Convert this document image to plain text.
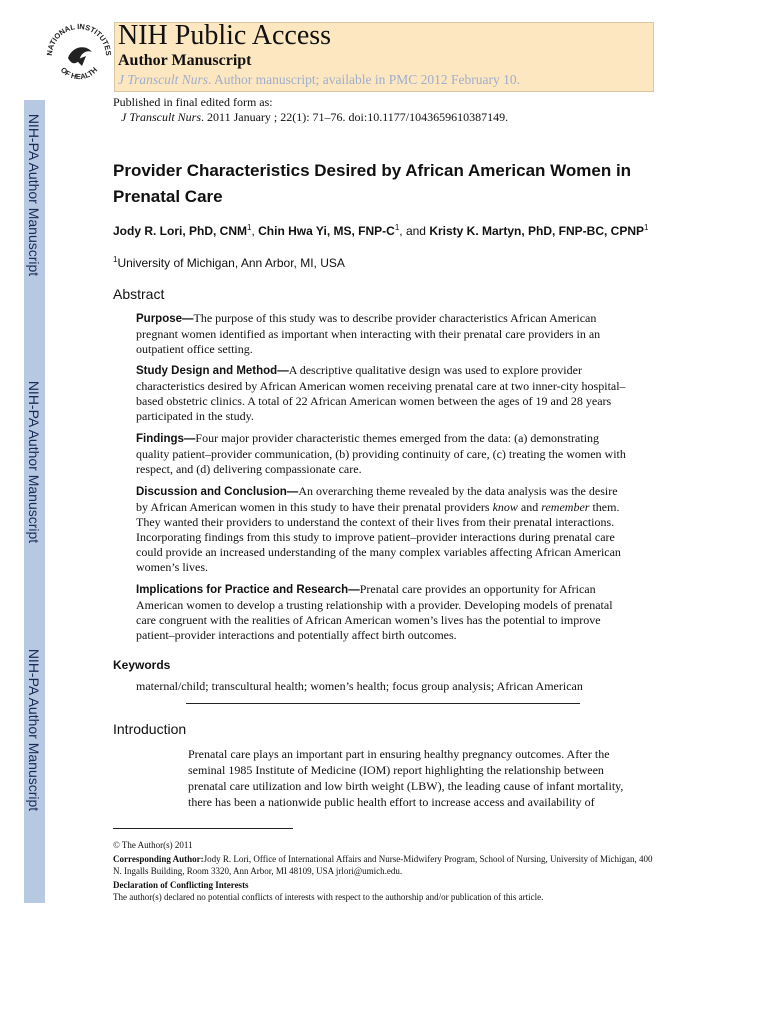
NIH-PA Author Manuscript
NIH-PA Author Manuscript
NIH-PA Author Manuscript
NATIONAL INSTITUTES
OF HEALTH
NIH Public Access
Author Manuscript
J Transcult Nurs. Author manuscript; available in PMC 2012 February 10.
Published in final edited form as:
J Transcult Nurs. 2011 January ; 22(1): 71–76. doi:10.1177/1043659610387149.
Provider Characteristics Desired by African American Women in Prenatal Care
Jody R. Lori, PhD, CNM$^1$, Chin Hwa Yi, MS, FNP-$C^1$, and Kristy K. Martyn, PhD, FNP-BC, CPNP$^1$
$^1$University of Michigan, Ann Arbor, MI, USA
Abstract
Purpose—The purpose of this study was to describe provider characteristics African American pregnant women identified as important when interacting with their prenatal care providers in an outpatient office setting.
Study Design and Method—A descriptive qualitative design was used to explore provider characteristics desired by African American women receiving prenatal care at two inner-city hospital–based obstetric clinics. A total of 22 African American women between the ages of 19 and 28 years participated in the study.
Findings—Four major provider characteristic themes emerged from the data: (a) demonstrating quality patient–provider communication, (b) providing continuity of care, (c) treating the women with respect, and (d) delivering compassionate care.
Discussion and Conclusion—An overarching theme revealed by the data analysis was the desire by African American women in this study to have their prenatal providers know and remember them. They wanted their providers to understand the context of their lives from their prenatal interactions. Incorporating findings from this study to improve patient–provider interactions during prenatal care could provide an increased understanding of the many complex variables affecting African American women’s lives.
Implications for Practice and Research—Prenatal care provides an opportunity for African American women to develop a trusting relationship with a provider. Developing models of prenatal care congruent with the realities of African American women’s lives has the potential to improve patient–provider interactions and potentially affect birth outcomes.
Keywords
maternal/child; transcultural health; women’s health; focus group analysis; African American
Introduction
Prenatal care plays an important part in ensuring healthy pregnancy outcomes. After the seminal 1985 Institute of Medicine (IOM) report highlighting the relationship between prenatal care utilization and low birth weight (LBW), the leading cause of infant mortality, there has been a nationwide public health effort to increase access and availability of
© The Author(s) 2011
Corresponding Author:Jody R. Lori, Office of International Affairs and Nurse-Midwifery Program, School of Nursing, University of Michigan, 400 N. Ingalls Building, Room 3320, Ann Arbor, MI 48109, USA jrlori@umich.edu.
Declaration of Conflicting Interests
The author(s) declared no potential conflicts of interests with respect to the authorship and/or publication of this article.
